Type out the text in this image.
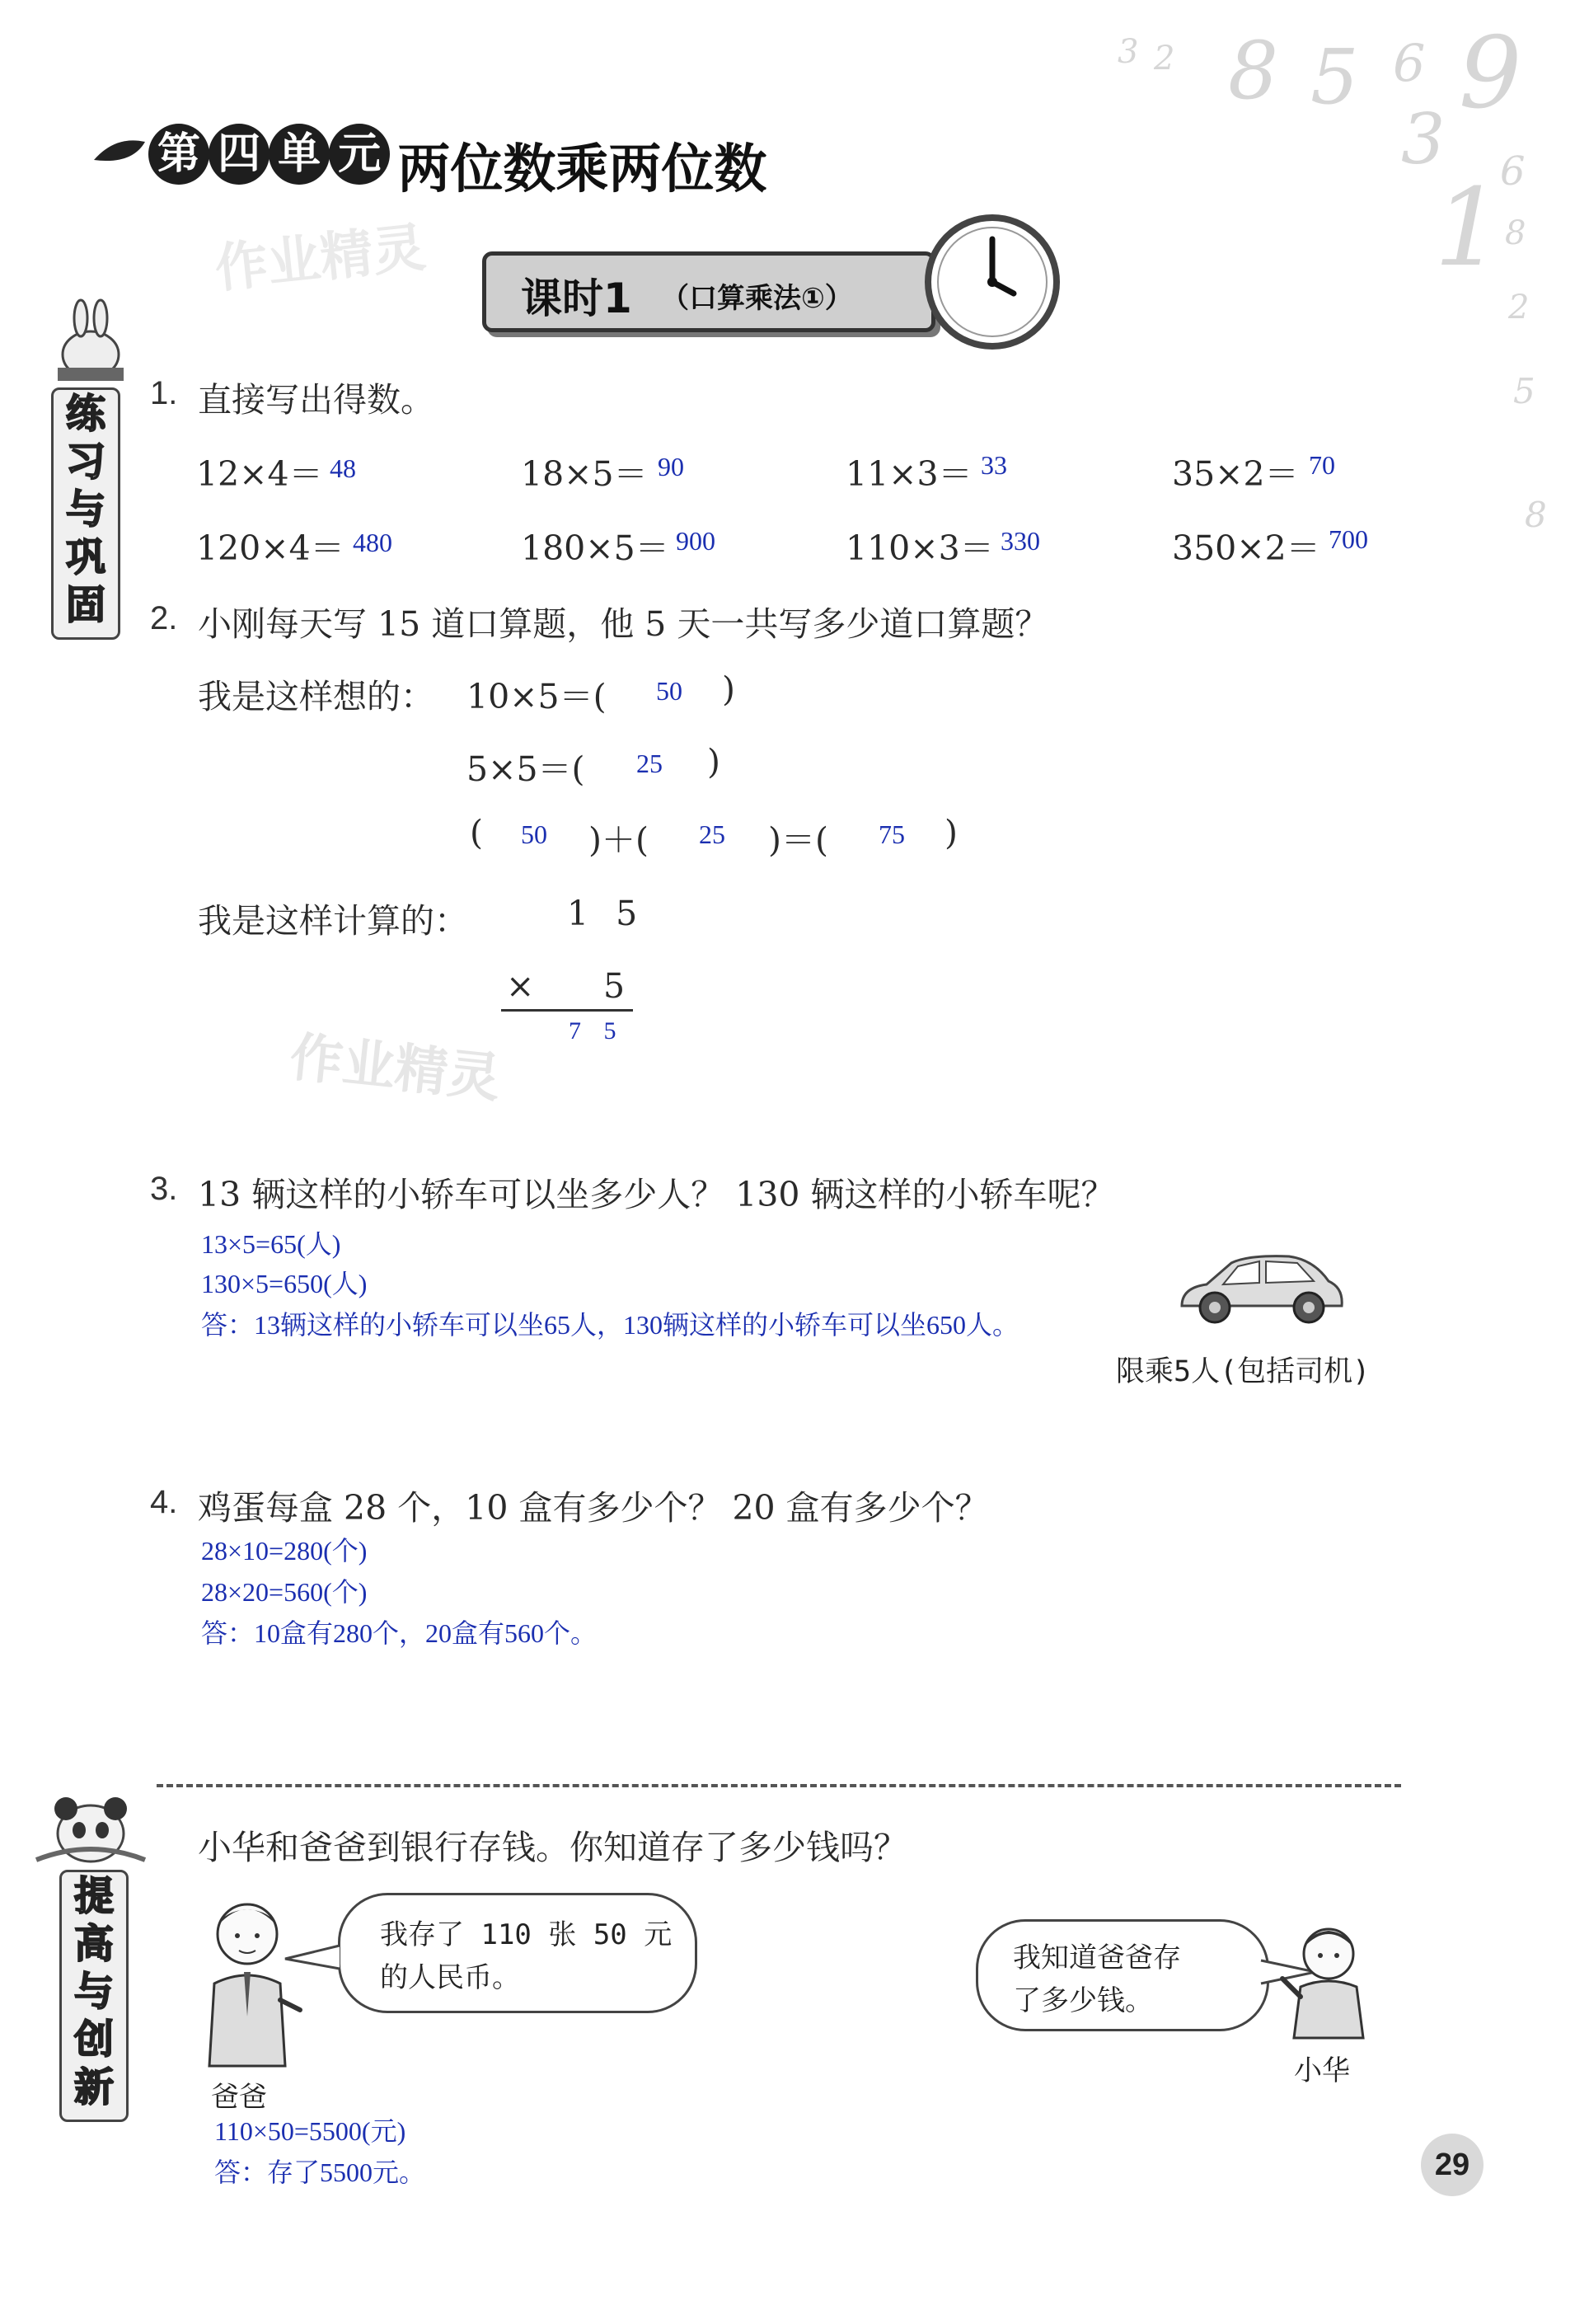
3 2 8 5 6 9
3 6
1 8
2
5
8
第 四 单 元 两位数乘两位数
作业精灵
作业精灵
课时1 （口算乘法①）
练
习
与
巩
固
1. 直接写出得数。
12×4＝ 48	18×5＝ 90	11×3＝ 33	35×2＝ 70
120×4＝ 480	180×5＝ 900	110×3＝ 330	350×2＝ 700
2. 小刚每天写 15 道口算题，他 5 天一共写多少道口算题？
我是这样想的： 10×5＝( 50 )
5×5＝( 25 )
( 50 )＋( 25 )＝( 75 )
我是这样计算的：	1 5
× 5
7 5
3. 13 辆这样的小轿车可以坐多少人？ 130 辆这样的小轿车呢？
13×5=65(人)
130×5=650(人)
答：13辆这样的小轿车可以坐65人，130辆这样的小轿车可以坐650人。
限乘5人(包括司机)
4. 鸡蛋每盒 28 个，10 盒有多少个？ 20 盒有多少个？
28×10=280(个)
28×20=560(个)
答：10盒有280个，20盒有560个。
提
高
与
创
新
小华和爸爸到银行存钱。你知道存了多少钱吗？
我存了 110 张 50 元
的人民币。
爸爸
我知道爸爸存
了多少钱。
小华
110×50=5500(元)
答：存了5500元。	29
